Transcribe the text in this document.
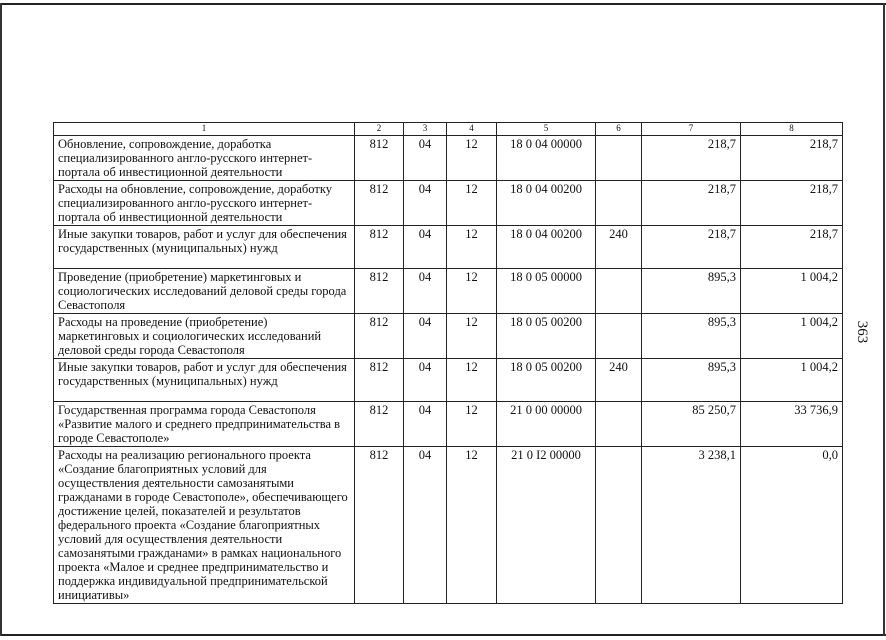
363
1	2	3	4	5	6	7	8
Обновление, сопровождение, доработка специализированного англо-русского интернет-портала об инвестиционной деятельности	812	04	12	18 0 04 00000		218,7	218,7
Расходы на обновление, сопровождение, доработку специализированного англо-русского интернет-портала об инвестиционной деятельности	812	04	12	18 0 04 00200		218,7	218,7
Иные закупки товаров, работ и услуг для обеспечения государственных (муниципальных) нужд	812	04	12	18 0 04 00200	240	218,7	218,7
Проведение (приобретение) маркетинговых и социологических исследований деловой среды города Севастополя	812	04	12	18 0 05 00000		895,3	1 004,2
Расходы на проведение (приобретение) маркетинговых и социологических исследований деловой среды города Севастополя	812	04	12	18 0 05 00200		895,3	1 004,2
Иные закупки товаров, работ и услуг для обеспечения государственных (муниципальных) нужд	812	04	12	18 0 05 00200	240	895,3	1 004,2
Государственная программа города Севастополя «Развитие малого и среднего предпринимательства в городе Севастополе»	812	04	12	21 0 00 00000		85 250,7	33 736,9
Расходы на реализацию регионального проекта «Создание благоприятных условий для осуществления деятельности самозанятыми гражданами в городе Севастополе», обеспечивающего достижение целей, показателей и результатов федерального проекта «Создание благоприятных условий для осуществления деятельности самозанятыми гражданами» в рамках национального проекта «Малое и среднее предпринимательство и поддержка индивидуальной предпринимательской инициативы»	812	04	12	21 0 I2 00000		3 238,1	0,0
